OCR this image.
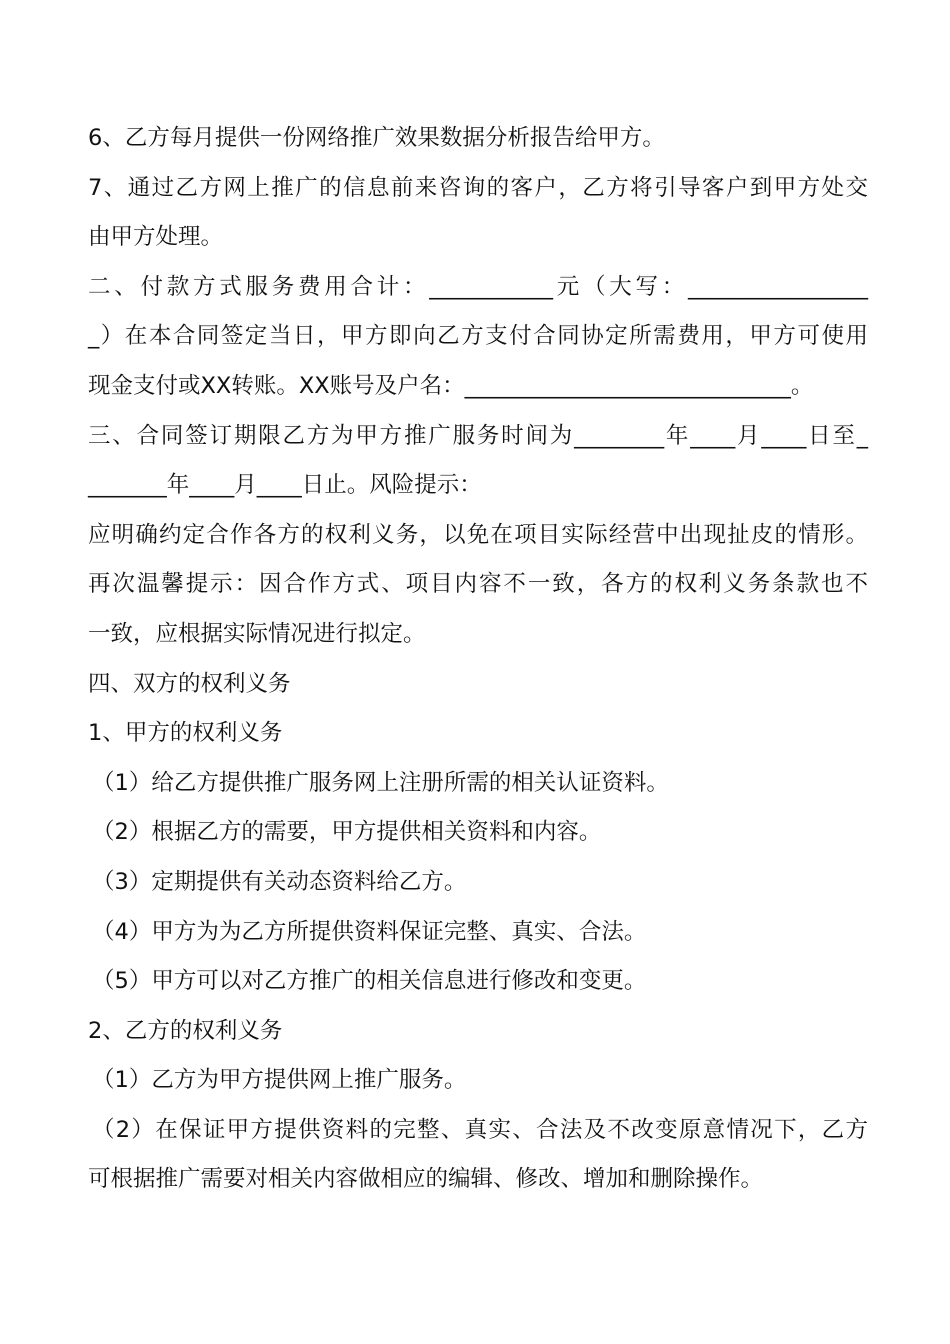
6、乙方每月提供一份网络推广效果数据分析报告给甲方。
7、通过乙方网上推广的信息前来咨询的客户，乙方将引导客户到甲方处交
由甲方处理。
二、付款方式服务费用合计：___________元（大写：________________
_）在本合同签定当日，甲方即向乙方支付合同协定所需费用，甲方可使用
现金支付或XX转账。XX账号及户名：_____________________________。
三、合同签订期限乙方为甲方推广服务时间为________年____月____日至_
_______年____月____日止。风险提示：
应明确约定合作各方的权利义务，以免在项目实际经营中出现扯皮的情形。
再次温馨提示：因合作方式、项目内容不一致，各方的权利义务条款也不
一致，应根据实际情况进行拟定。
四、双方的权利义务
1、甲方的权利义务
（1）给乙方提供推广服务网上注册所需的相关认证资料。
（2）根据乙方的需要，甲方提供相关资料和内容。
（3）定期提供有关动态资料给乙方。
（4）甲方为为乙方所提供资料保证完整、真实、合法。
（5）甲方可以对乙方推广的相关信息进行修改和变更。
2、乙方的权利义务
（1）乙方为甲方提供网上推广服务。
（2）在保证甲方提供资料的完整、真实、合法及不改变原意情况下，乙方
可根据推广需要对相关内容做相应的编辑、修改、增加和删除操作。
